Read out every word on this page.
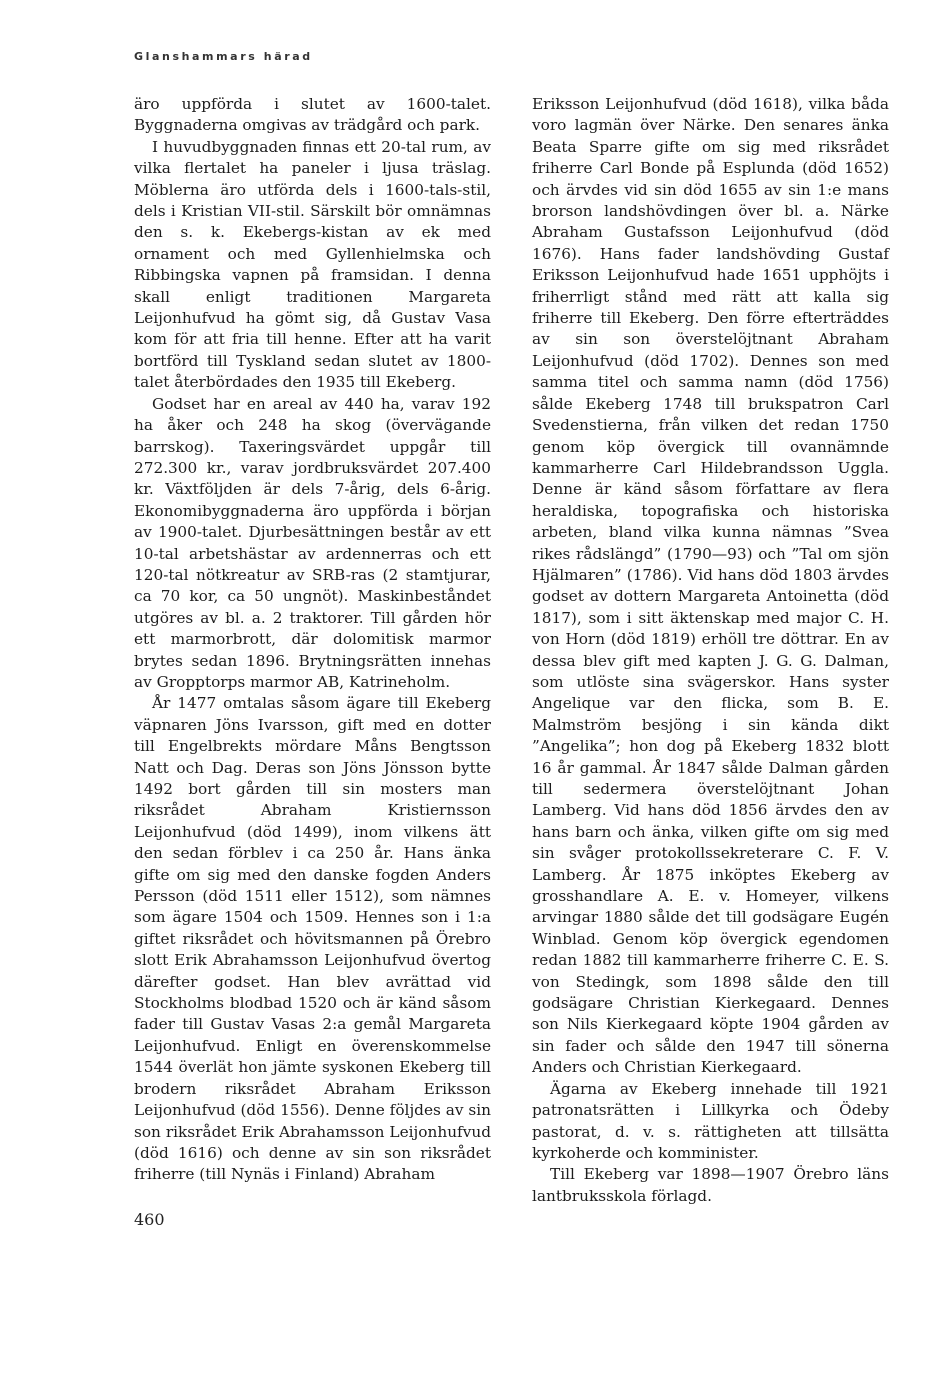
Glanshammars härad

äro uppförda i slutet av 1600-talet. Byggnaderna omgivas av trädgård och park.

I huvudbyggnaden finnas ett 20-tal rum, av vilka flertalet ha paneler i ljusa träslag. Möblerna äro utförda dels i 1600-tals-stil, dels i Kristian VII-stil. Särskilt bör omnämnas den s. k. Ekebergs-kistan av ek med ornament och med Gyllenhielmska och Ribbingska vapnen på framsidan. I denna skall enligt traditionen Margareta Leijonhufvud ha gömt sig, då Gustav Vasa kom för att fria till henne. Efter att ha varit bortförd till Tyskland sedan slutet av 1800-talet återbördades den 1935 till Ekeberg.

Godset har en areal av 440 ha, varav 192 ha åker och 248 ha skog (övervägande barrskog). Taxeringsvärdet uppgår till 272.300 kr., varav jordbruksvärdet 207.400 kr. Växtföljden är dels 7-årig, dels 6-årig. Ekonomibyggnaderna äro uppförda i början av 1900-talet. Djurbesättningen består av ett 10-tal arbetshästar av ardennerras och ett 120-tal nötkreatur av SRB-ras (2 stamtjurar, ca 70 kor, ca 50 ungnöt). Maskinbeståndet utgöres av bl. a. 2 traktorer. Till gården hör ett marmorbrott, där dolomitisk marmor brytes sedan 1896. Brytningsrätten innehas av Gropptorps marmor AB, Katrineholm.

År 1477 omtalas såsom ägare till Ekeberg väpnaren Jöns Ivarsson, gift med en dotter till Engelbrekts mördare Måns Bengtsson Natt och Dag. Deras son Jöns Jönsson bytte 1492 bort gården till sin mosters man riksrådet Abraham Kristiernsson Leijonhufvud (död 1499), inom vilkens ätt den sedan förblev i ca 250 år. Hans änka gifte om sig med den danske fogden Anders Persson (död 1511 eller 1512), som nämnes som ägare 1504 och 1509. Hennes son i 1:a giftet riksrådet och hövitsmannen på Örebro slott Erik Abrahamsson Leijonhufvud övertog därefter godset. Han blev avrättad vid Stockholms blodbad 1520 och är känd såsom fader till Gustav Vasas 2:a gemål Margareta Leijonhufvud. Enligt en överenskommelse 1544 överlät hon jämte syskonen Ekeberg till brodern riksrådet Abraham Eriksson Leijonhufvud (död 1556). Denne följdes av sin son riksrådet Erik Abrahamsson Leijonhufvud (död 1616) och denne av sin son riksrådet friherre (till Nynäs i Finland) Abraham

Eriksson Leijonhufvud (död 1618), vilka båda voro lagmän över Närke. Den senares änka Beata Sparre gifte om sig med riksrådet friherre Carl Bonde på Esplunda (död 1652) och ärvdes vid sin död 1655 av sin 1:e mans brorson landshövdingen över bl. a. Närke Abraham Gustafsson Leijonhufvud (död 1676). Hans fader landshövding Gustaf Eriksson Leijonhufvud hade 1651 upphöjts i friherrligt stånd med rätt att kalla sig friherre till Ekeberg. Den förre efterträddes av sin son överstelöjtnant Abraham Leijonhufvud (död 1702). Dennes son med samma titel och samma namn (död 1756) sålde Ekeberg 1748 till brukspatron Carl Svedenstierna, från vilken det redan 1750 genom köp övergick till ovannämnde kammarherre Carl Hildebrandsson Uggla. Denne är känd såsom författare av flera heraldiska, topografiska och historiska arbeten, bland vilka kunna nämnas ”Svea rikes rådslängd” (1790—93) och ”Tal om sjön Hjälmaren” (1786). Vid hans död 1803 ärvdes godset av dottern Margareta Antoinetta (död 1817), som i sitt äktenskap med major C. H. von Horn (död 1819) erhöll tre döttrar. En av dessa blev gift med kapten J. G. G. Dalman, som utlöste sina svägerskor. Hans syster Angelique var den flicka, som B. E. Malmström besjöng i sin kända dikt ”Angelika”; hon dog på Ekeberg 1832 blott 16 år gammal. År 1847 sålde Dalman gården till sedermera överstelöjtnant Johan Lamberg. Vid hans död 1856 ärvdes den av hans barn och änka, vilken gifte om sig med sin svåger protokollssekreterare C. F. V. Lamberg. År 1875 inköptes Ekeberg av grosshandlare A. E. v. Homeyer, vilkens arvingar 1880 sålde det till godsägare Eugén Winblad. Genom köp övergick egendomen redan 1882 till kammarherre friherre C. E. S. von Stedingk, som 1898 sålde den till godsägare Christian Kierkegaard. Dennes son Nils Kierkegaard köpte 1904 gården av sin fader och sålde den 1947 till sönerna Anders och Christian Kierkegaard.

Ägarna av Ekeberg innehade till 1921 patronatsrätten i Lillkyrka och Ödeby pastorat, d. v. s. rättigheten att tillsätta kyrkoherde och komminister.

Till Ekeberg var 1898—1907 Örebro läns lantbruksskola förlagd.

460
